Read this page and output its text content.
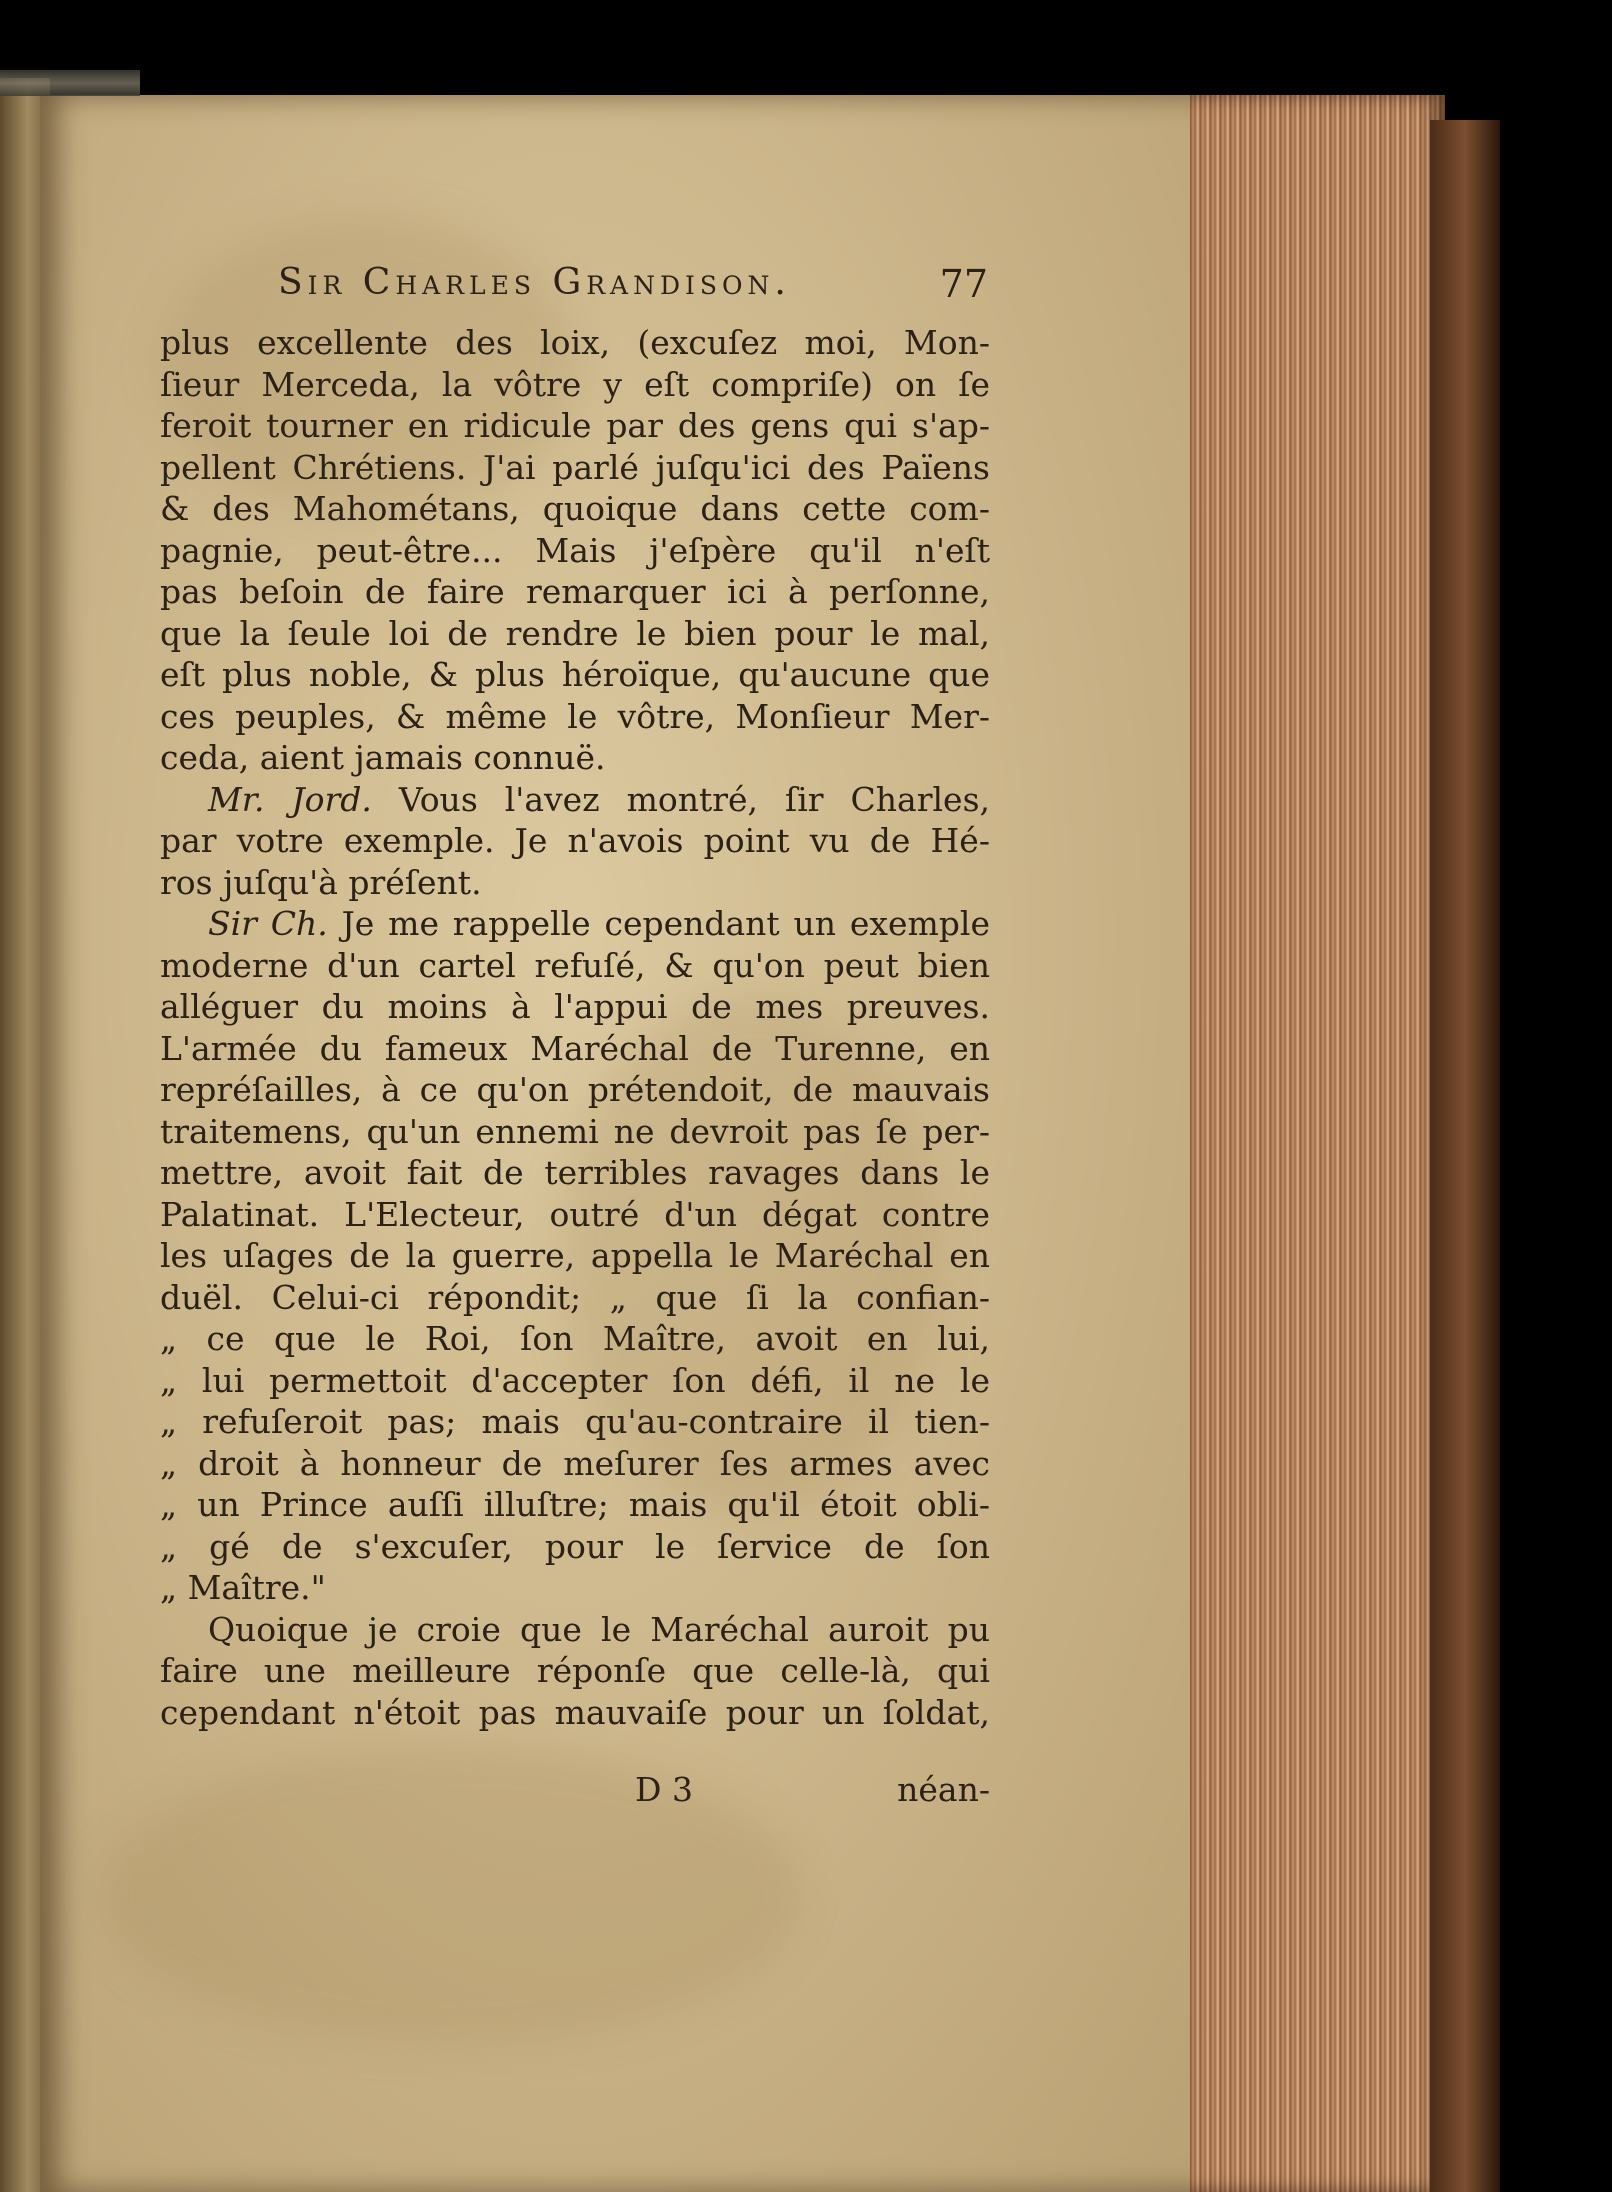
Sir Charles Grandison.	77
plus excellente des loix, (excuſez moi, Mon-
ſieur Merceda, la vôtre y eſt compriſe) on ſe
feroit tourner en ridicule par des gens qui s'ap-
pellent Chrétiens. J'ai parlé juſqu'ici des Païens
& des Mahométans, quoique dans cette com-
pagnie, peut-être... Mais j'eſpère qu'il n'eſt
pas beſoin de faire remarquer ici à perſonne,
que la ſeule loi de rendre le bien pour le mal,
eſt plus noble, & plus héroïque, qu'aucune que
ces peuples, & même le vôtre, Monſieur Mer-
ceda, aient jamais connuë.
Mr. Jord. Vous l'avez montré, ſir Charles,
par votre exemple. Je n'avois point vu de Hé-
ros juſqu'à préſent.
Sir Ch. Je me rappelle cependant un exemple
moderne d'un cartel refuſé, & qu'on peut bien
alléguer du moins à l'appui de mes preuves.
L'armée du fameux Maréchal de Turenne, en
repréſailles, à ce qu'on prétendoit, de mauvais
traitemens, qu'un ennemi ne devroit pas ſe per-
mettre, avoit fait de terribles ravages dans le
Palatinat. L'Electeur, outré d'un dégat contre
les uſages de la guerre, appella le Maréchal en
duël. Celui-ci répondit; „ que ſi la confian-
„ ce que le Roi, ſon Maître, avoit en lui,
„ lui permettoit d'accepter ſon défi, il ne le
„ refuſeroit pas; mais qu'au-contraire il tien-
„ droit à honneur de meſurer ſes armes avec
„ un Prince auſſi illuſtre; mais qu'il étoit obli-
„ gé de s'excuſer, pour le ſervice de ſon
„ Maître."
Quoique je croie que le Maréchal auroit pu
faire une meilleure réponſe que celle-là, qui
cependant n'étoit pas mauvaiſe pour un ſoldat,
D 3	néan-
